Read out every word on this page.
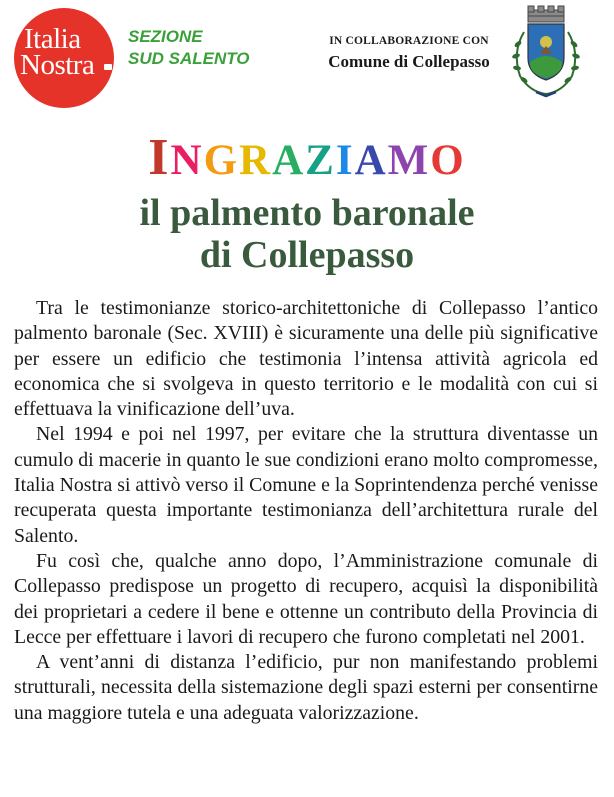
Italia
Nostra
SEZIONE
SUD SALENTO
IN COLLABORAZIONE CON
Comune di Collepasso
INGRAZIAMO
il palmento baronale
di Collepasso

Tra le testimonianze storico-architettoniche di Collepasso l’antico palmento baronale (Sec. XVIII) è sicuramente una delle più significative per essere un edificio che testimonia l’intensa attività agricola ed economica che si svolgeva in questo territorio e le modalità con cui si effettuava la vinificazione dell’uva.

Nel 1994 e poi nel 1997, per evitare che la struttura diventasse un cumulo di macerie in quanto le sue condizioni erano molto compromesse, Italia Nostra si attivò verso il Comune e la Soprintendenza perché venisse recuperata questa importante testimonianza dell’architettura rurale del Salento.

Fu così che, qualche anno dopo, l’Amministrazione comunale di Collepasso predispose un progetto di recupero, acquisì la disponibilità dei proprietari a cedere il bene e ottenne un contributo della Provincia di Lecce per effettuare i lavori di recupero che furono completati nel 2001.

A vent’anni di distanza l’edificio, pur non manifestando problemi strutturali, necessita della sistemazione degli spazi esterni per consentirne una maggiore tutela e una adeguata valorizzazione.
